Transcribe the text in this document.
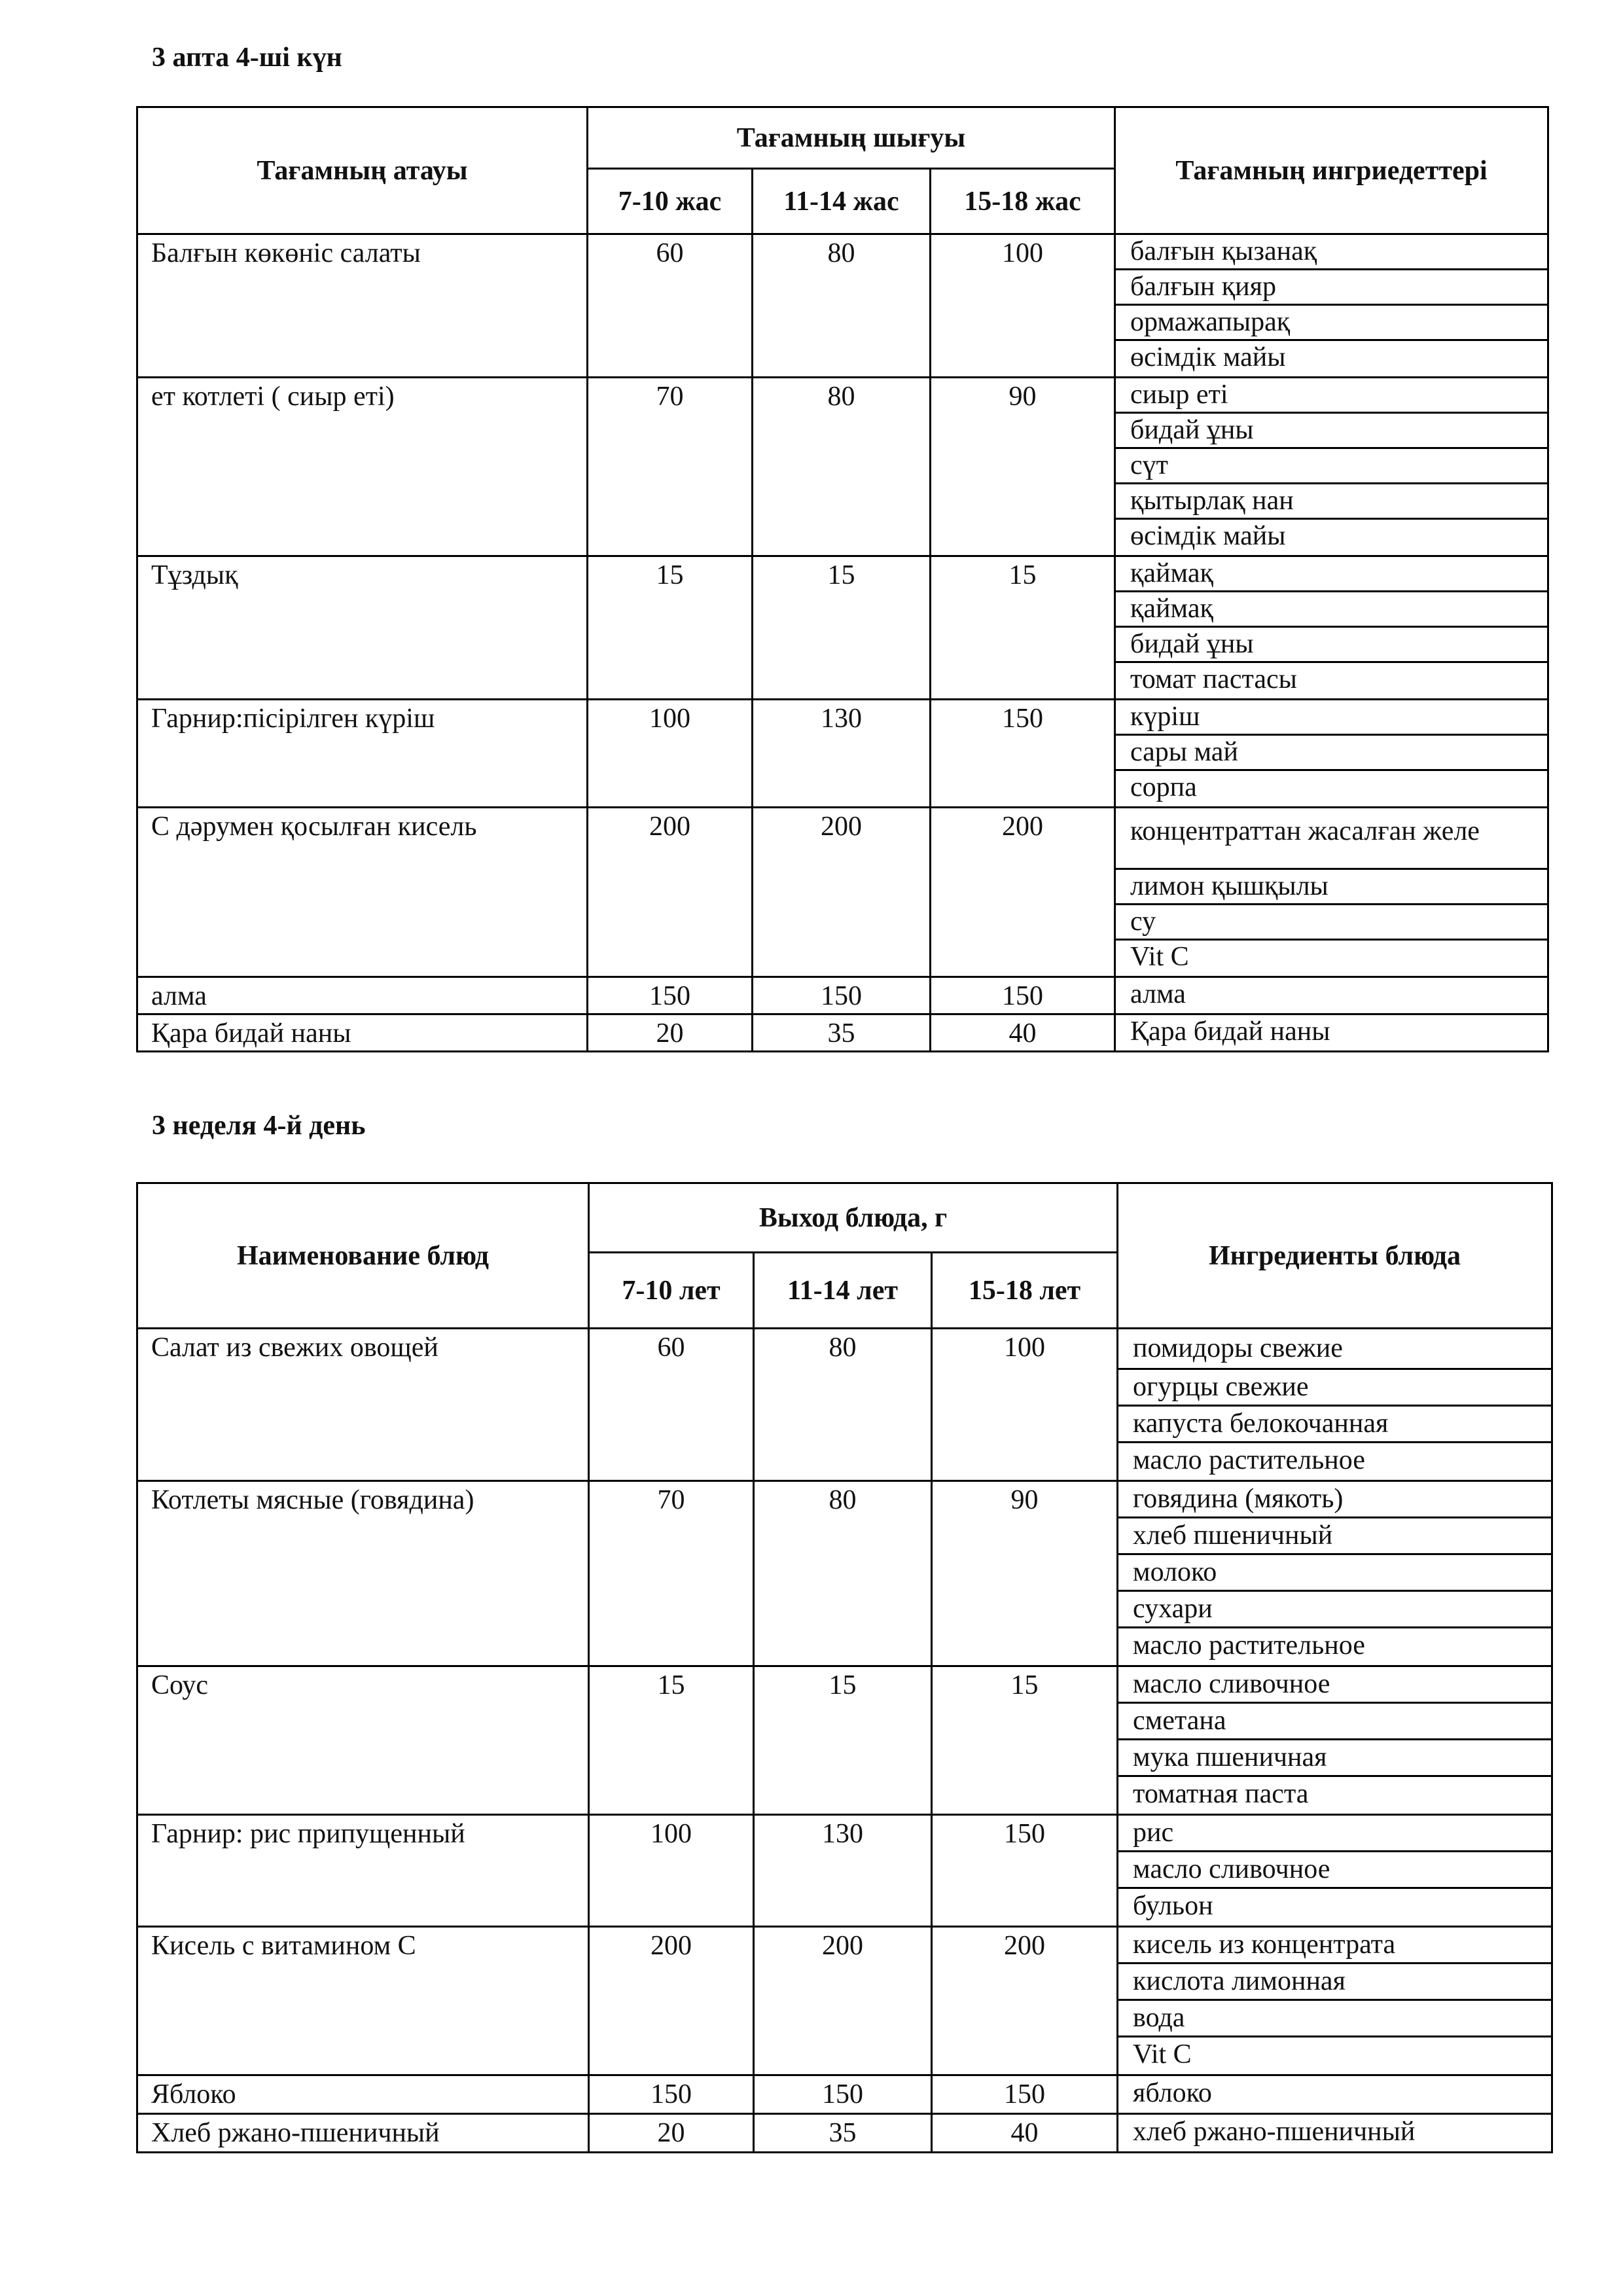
3 апта 4-ші күн
Тағамның атауы	Тағамның шығуы			Тағамның ингриедеттері
	7-10 жас	11-14 жас	15-18 жас	
Балғын көкөніс салаты	60	80	100	балғын қызанақ
балғын қияр
ормажапырақ
өсімдік майы

ет котлеті ( сиыр еті)	70	80	90	сиыр еті
бидай ұны
сүт
қытырлақ нан
өсімдік майы

Тұздық	15	15	15	қаймақ
қаймақ
бидай ұны
томат пастасы

Гарнир:пісірілген күріш	100	130	150	күріш
сары май
сорпа

С дәрумен қосылған кисель	200	200	200	концентраттан жасалған желе
лимон қышқылы
су
Vit C

алма	150	150	150	алма

Қара бидай наны	20	35	40	Қара бидай наны
3 неделя 4-й день
Наименование блюд	Выход блюда, г			Ингредиенты блюда
	7-10 лет	11-14 лет	15-18 лет	
Салат из свежих овощей	60	80	100	помидоры свежие
огурцы свежие
капуста белокочанная
масло растительное

Котлеты мясные (говядина)	70	80	90	говядина (мякоть)
хлеб пшеничный
молоко
сухари
масло растительное

Соус	15	15	15	масло сливочное
сметана
мука пшеничная
томатная паста

Гарнир: рис припущенный	100	130	150	рис
масло сливочное
бульон

Кисель с витамином С	200	200	200	кисель из концентрата
кислота лимонная
вода
Vit C

Яблоко	150	150	150	яблоко

Хлеб ржано-пшеничный	20	35	40	хлеб ржано-пшеничный
